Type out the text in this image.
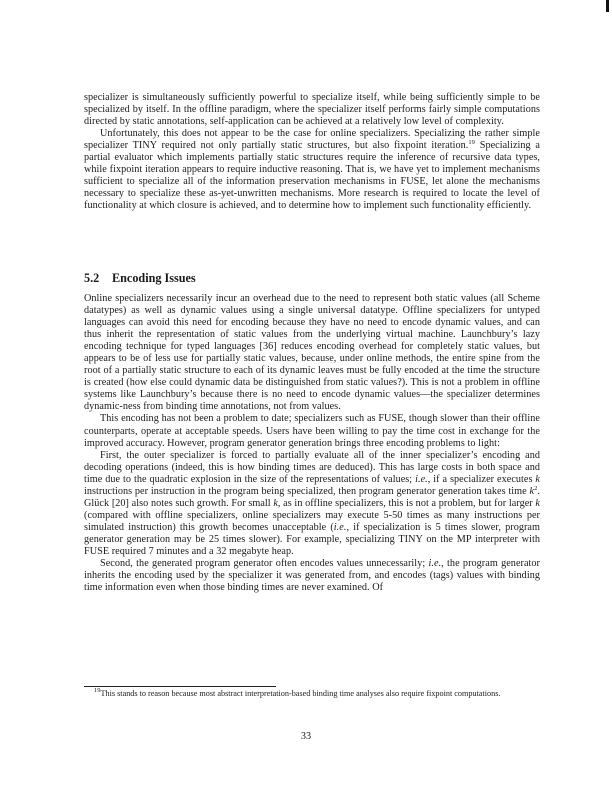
specializer is simultaneously sufficiently powerful to specialize itself, while being sufficiently simple to be specialized by itself. In the offline paradigm, where the specializer itself performs fairly simple computations directed by static annotations, self-application can be achieved at a relatively low level of complexity.

Unfortunately, this does not appear to be the case for online specializers. Specializing the rather simple specializer TINY required not only partially static structures, but also fixpoint iteration.$^{19}$ Specializing a partial evaluator which implements partially static structures require the inference of recursive data types, while fixpoint iteration appears to require inductive reasoning. That is, we have yet to implement mechanisms sufficient to specialize all of the information preservation mechanisms in FUSE, let alone the mechanisms necessary to specialize these as-yet-unwritten mechanisms. More research is required to locate the level of functionality at which closure is achieved, and to determine how to implement such functionality efficiently.

5.2 Encoding Issues

Online specializers necessarily incur an overhead due to the need to represent both static values (all Scheme datatypes) as well as dynamic values using a single universal datatype. Offline specializers for untyped languages can avoid this need for encoding because they have no need to encode dynamic values, and can thus inherit the representation of static values from the underlying virtual machine. Launchbury’s lazy encoding technique for typed languages [36] reduces encoding overhead for completely static values, but appears to be of less use for partially static values, because, under online methods, the entire spine from the root of a partially static structure to each of its dynamic leaves must be fully encoded at the time the structure is created (how else could dynamic data be distinguished from static values?). This is not a problem in offline systems like Launchbury’s because there is no need to encode dynamic values—the specializer determines dynamic-ness from binding time annotations, not from values.

This encoding has not been a problem to date; specializers such as FUSE, though slower than their offline counterparts, operate at acceptable speeds. Users have been willing to pay the time cost in exchange for the improved accuracy. However, program generator generation brings three encoding problems to light:

First, the outer specializer is forced to partially evaluate all of the inner specializer’s encoding and decoding operations (indeed, this is how binding times are deduced). This has large costs in both space and time due to the quadratic explosion in the size of the representations of values; i.e., if a specializer executes k instructions per instruction in the program being specialized, then program generator generation takes time $k^2$. Glück [20] also notes such growth. For small k, as in offline specializers, this is not a problem, but for larger k (compared with offline specializers, online specializers may execute 5-50 times as many instructions per simulated instruction) this growth becomes unacceptable (i.e., if specialization is 5 times slower, program generator generation may be 25 times slower). For example, specializing TINY on the MP interpreter with FUSE required 7 minutes and a 32 megabyte heap.

Second, the generated program generator often encodes values unnecessarily; i.e., the program generator inherits the encoding used by the specializer it was generated from, and encodes (tags) values with binding time information even when those binding times are never examined. Of

$^{19}$This stands to reason because most abstract interpretation-based binding time analyses also require fixpoint computations.

33
